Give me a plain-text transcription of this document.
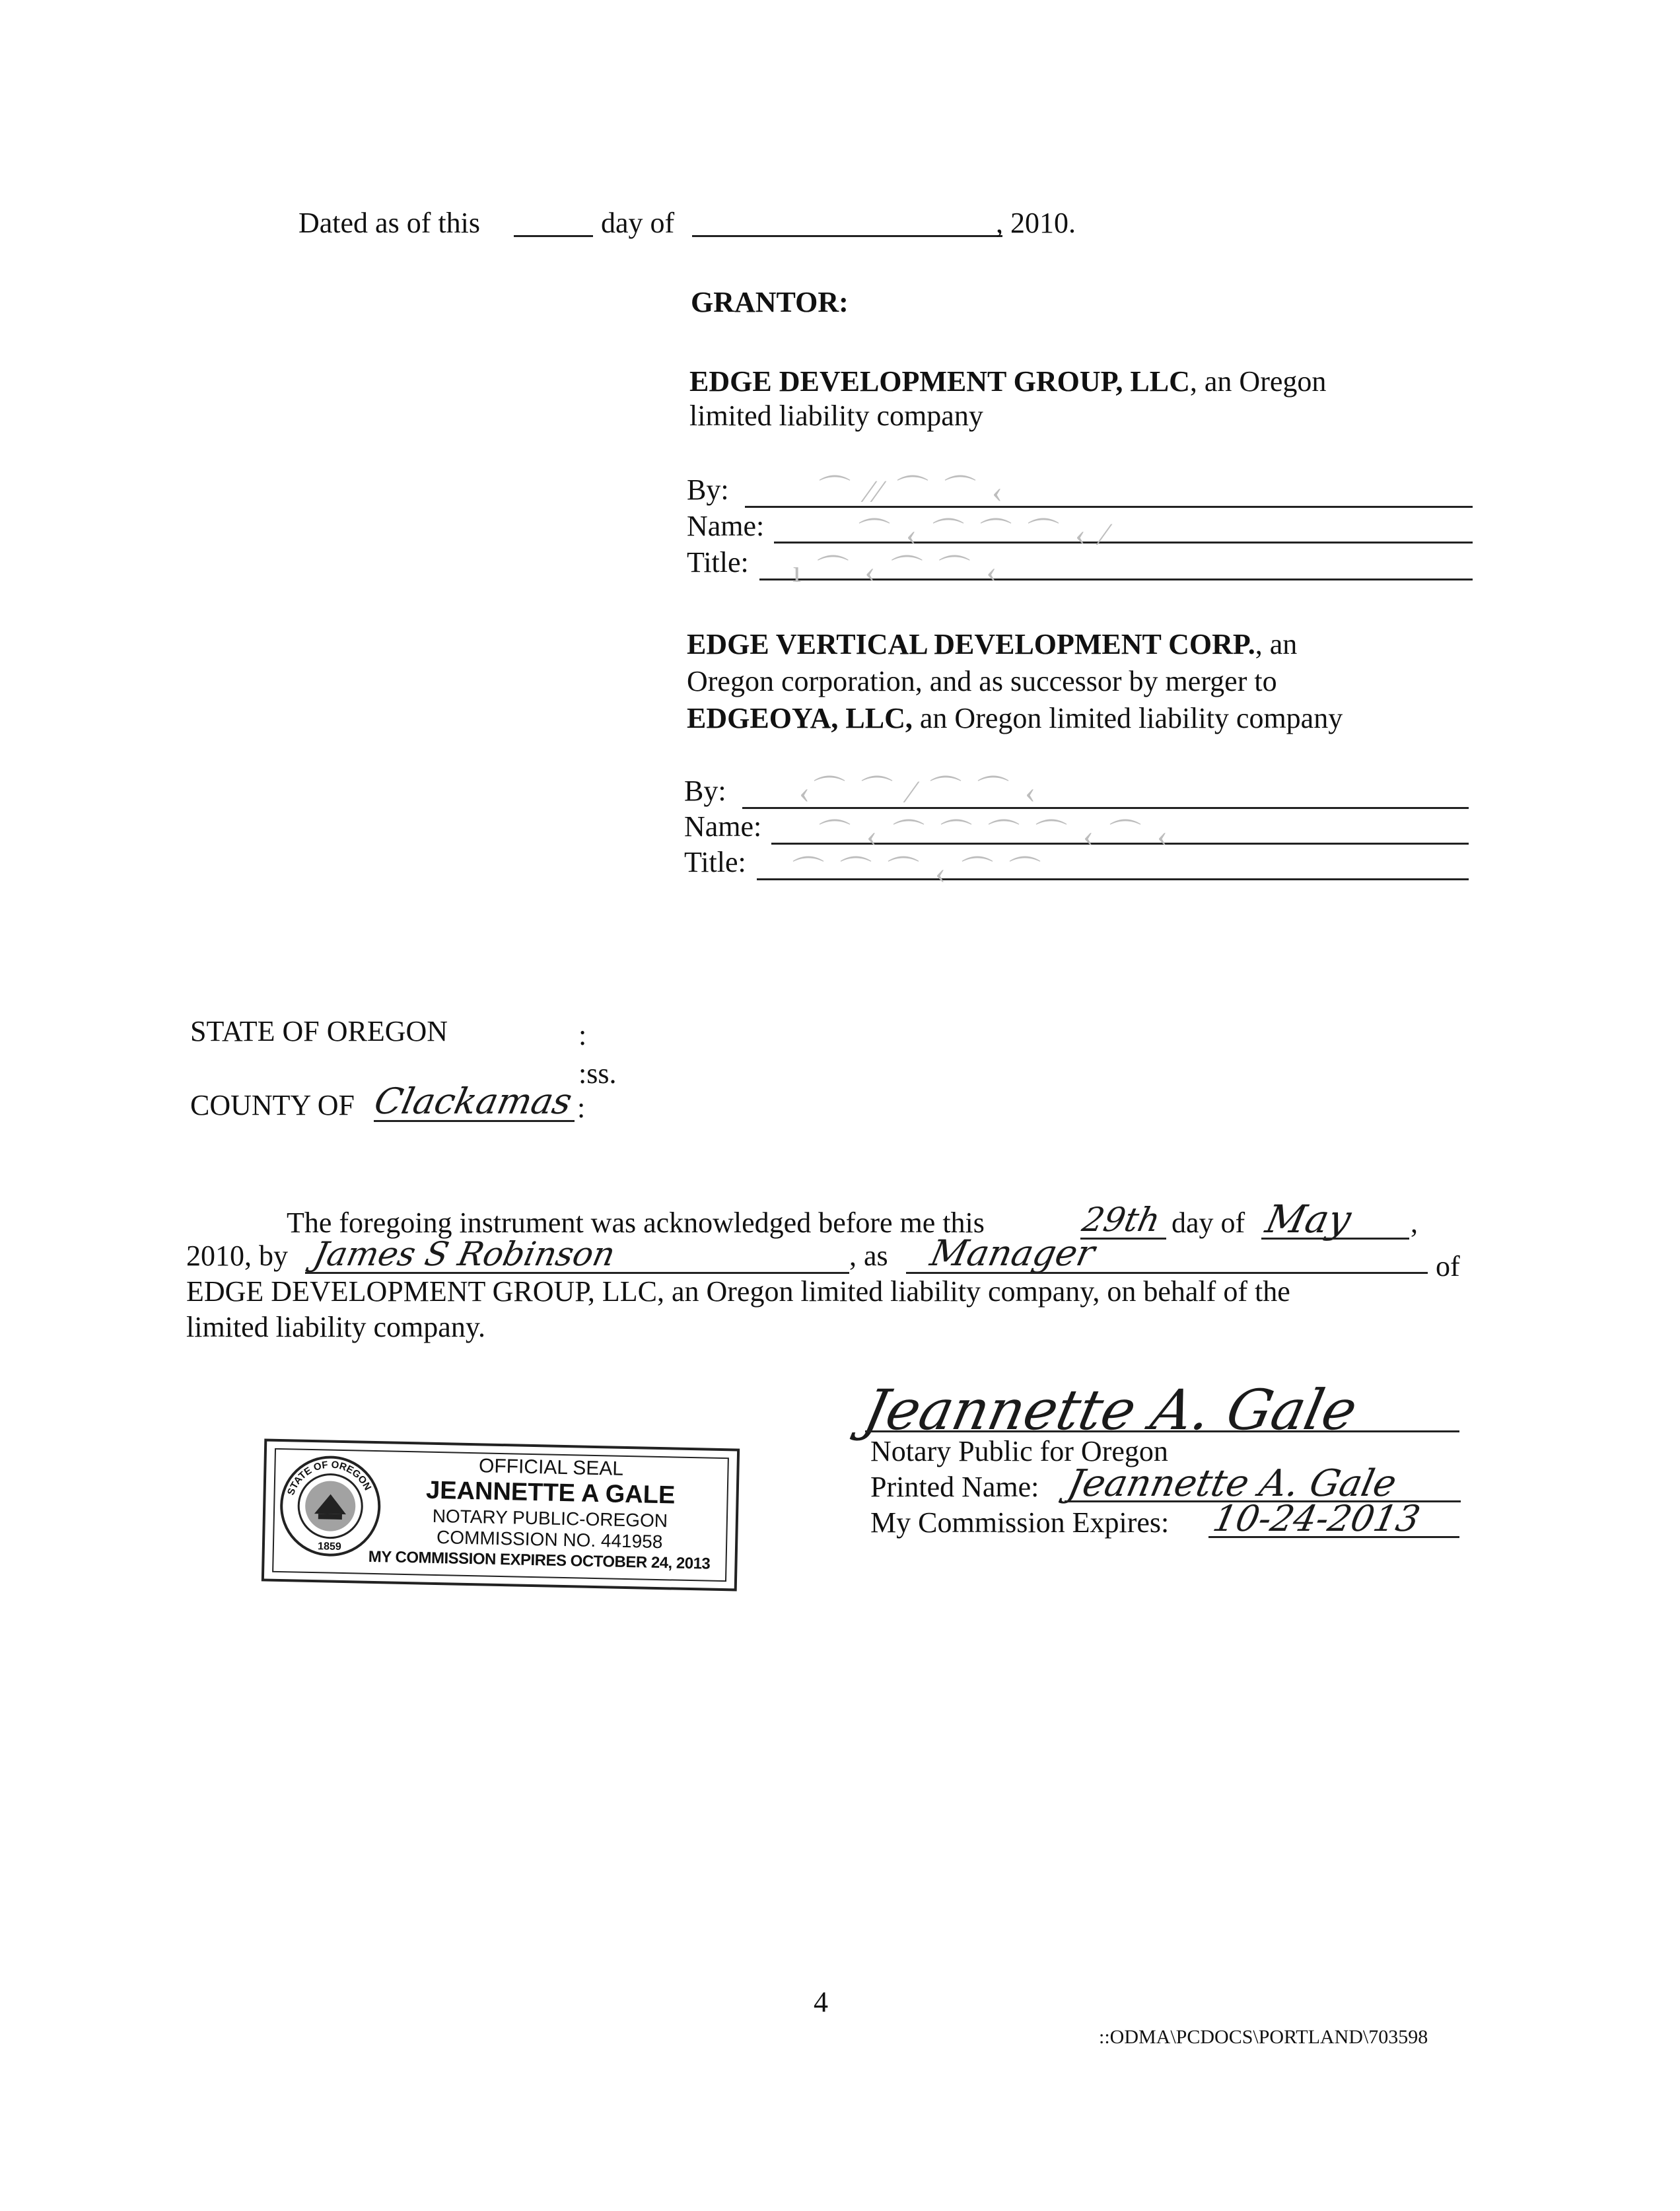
Dated as of this	day of	, 2010.
GRANTOR:
EDGE DEVELOPMENT GROUP, LLC, an Oregon
limited liability company
By:	⌒ ∕∕ ⌒ ⌒ ‹
Name:	⌒ ‹ ⌒ ⌒ ⌒ ‹ ∕
Title: ı ⌒ ‹ ⌒ ⌒ ‹
EDGE VERTICAL DEVELOPMENT CORP., an
Oregon corporation, and as successor by merger to
EDGEOYA, LLC, an Oregon limited liability company
By: ‹⌒ ⌒ ∕ ⌒ ⌒ ‹
Name: ⌒ ‹ ⌒ ⌒ ⌒ ⌒ ‹ ⌒ ‹
Title: ⌒ ⌒ ⌒ ‹ ⌒ ⌒
STATE OF OREGON	:
:ss.
COUNTY OF Clackamas :
The foregoing instrument was acknowledged before me this	29th day of May ,
2010, by James S Robinson	, as Manager	of
EDGE DEVELOPMENT GROUP, LLC, an Oregon limited liability company, on behalf of the
limited liability company.
Jeannette A. Gale
Notary Public for Oregon
Printed Name: Jeannette A. Gale
My Commission Expires: 10-24-2013
STATE OF OREGON
1859
OFFICIAL SEAL
JEANNETTE A GALE
NOTARY PUBLIC-OREGON
COMMISSION NO. 441958
MY COMMISSION EXPIRES OCTOBER 24, 2013
4
::ODMA\PCDOCS\PORTLAND\703598
